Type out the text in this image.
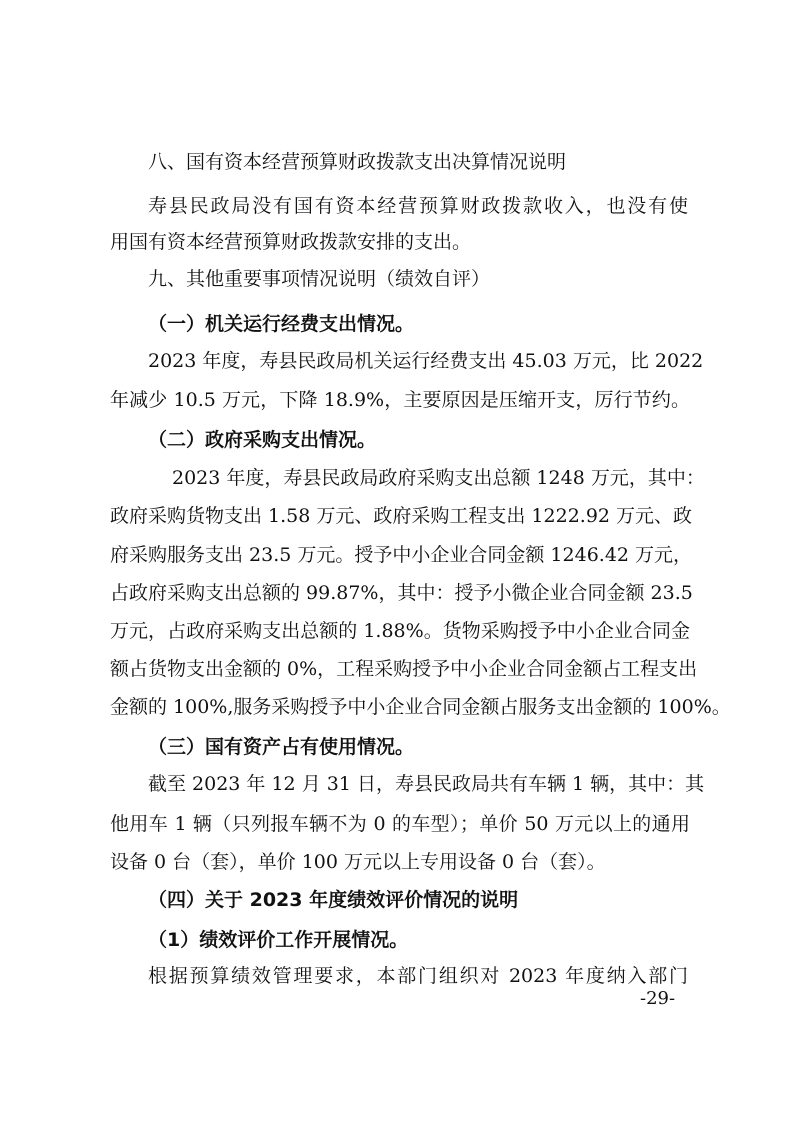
八、国有资本经营预算财政拨款支出决算情况说明
寿县民政局没有国有资本经营预算财政拨款收入，也没有使
用国有资本经营预算财政拨款安排的支出。
九、其他重要事项情况说明（绩效自评）
（一）机关运行经费支出情况。
2023 年度，寿县民政局机关运行经费支出 45.03 万元，比 2022
年减少 10.5 万元，下降 18.9%，主要原因是压缩开支，厉行节约。
（二）政府采购支出情况。
2023 年度，寿县民政局政府采购支出总额 1248 万元，其中：
政府采购货物支出 1.58 万元、政府采购工程支出 1222.92 万元、政
府采购服务支出 23.5 万元。授予中小企业合同金额 1246.42 万元，
占政府采购支出总额的 99.87%，其中：授予小微企业合同金额 23.5
万元，占政府采购支出总额的 1.88%。货物采购授予中小企业合同金
额占货物支出金额的 0%，工程采购授予中小企业合同金额占工程支出
金额的 100%,服务采购授予中小企业合同金额占服务支出金额的 100%。
（三）国有资产占有使用情况。
截至 2023 年 12 月 31 日，寿县民政局共有车辆 1 辆，其中：其
他用车 1 辆（只列报车辆不为 0 的车型）；单价 50 万元以上的通用
设备 0 台（套），单价 100 万元以上专用设备 0 台（套）。
（四）关于 2023 年度绩效评价情况的说明
（1）绩效评价工作开展情况。
根据预算绩效管理要求，本部门组织对 2023 年度纳入部门
-29-
